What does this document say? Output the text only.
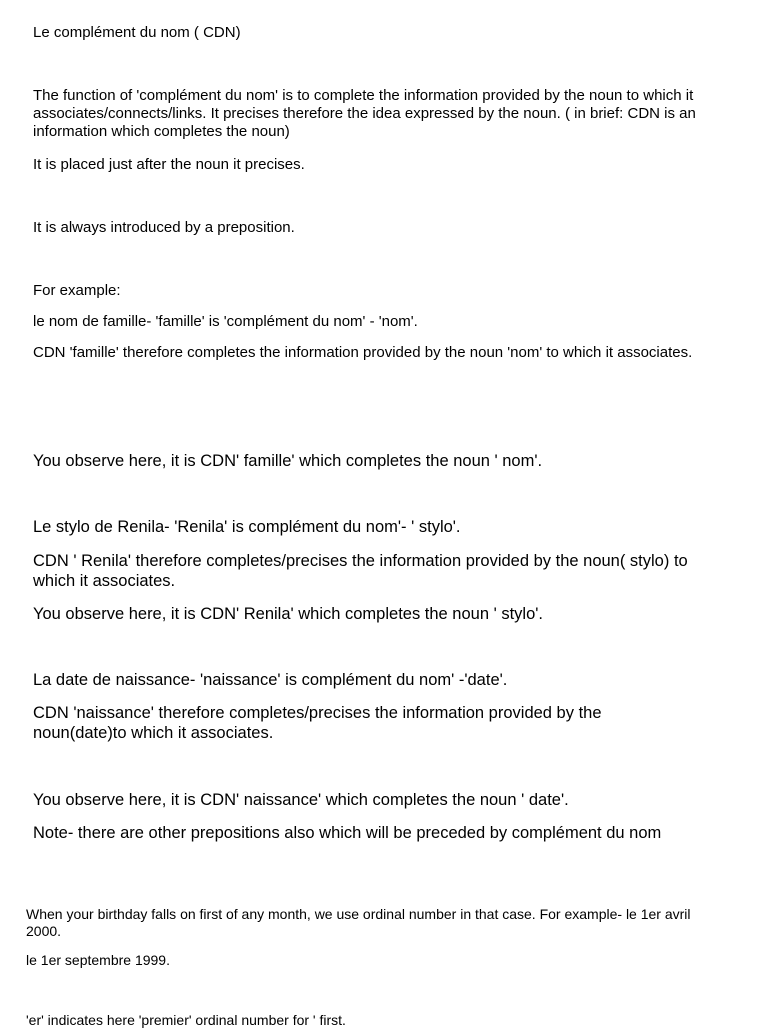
Le complément du nom ( CDN)

The function of 'complément du nom' is to complete the information provided by the noun to which it associates/connects/links. It precises therefore the idea expressed by the noun. ( in brief: CDN is an information which completes the noun)

It is placed just after the noun it precises.

It is always introduced by a preposition.

For example:

le nom de famille- 'famille' is 'complément du nom' - 'nom'.

CDN 'famille' therefore completes the information provided by the noun 'nom' to which it associates.

You observe here, it is CDN' famille' which completes the noun ' nom'.

Le stylo de Renila- 'Renila' is complément du nom'- ' stylo'.

CDN ' Renila' therefore completes/precises the information provided by the noun( stylo) to which it associates.

You observe here, it is CDN' Renila' which completes the noun ' stylo'.

La date de naissance- 'naissance' is complément du nom' -'date'.

CDN 'naissance' therefore completes/precises the information provided by the noun(date)to which it associates.

You observe here, it is CDN' naissance' which completes the noun ' date'.

Note- there are other prepositions also which will be preceded by complément du nom

When your birthday falls on first of any month, we use ordinal number in that case. For example- le 1er avril 2000.

le 1er septembre 1999.

'er' indicates here 'premier' ordinal number for ' first.
